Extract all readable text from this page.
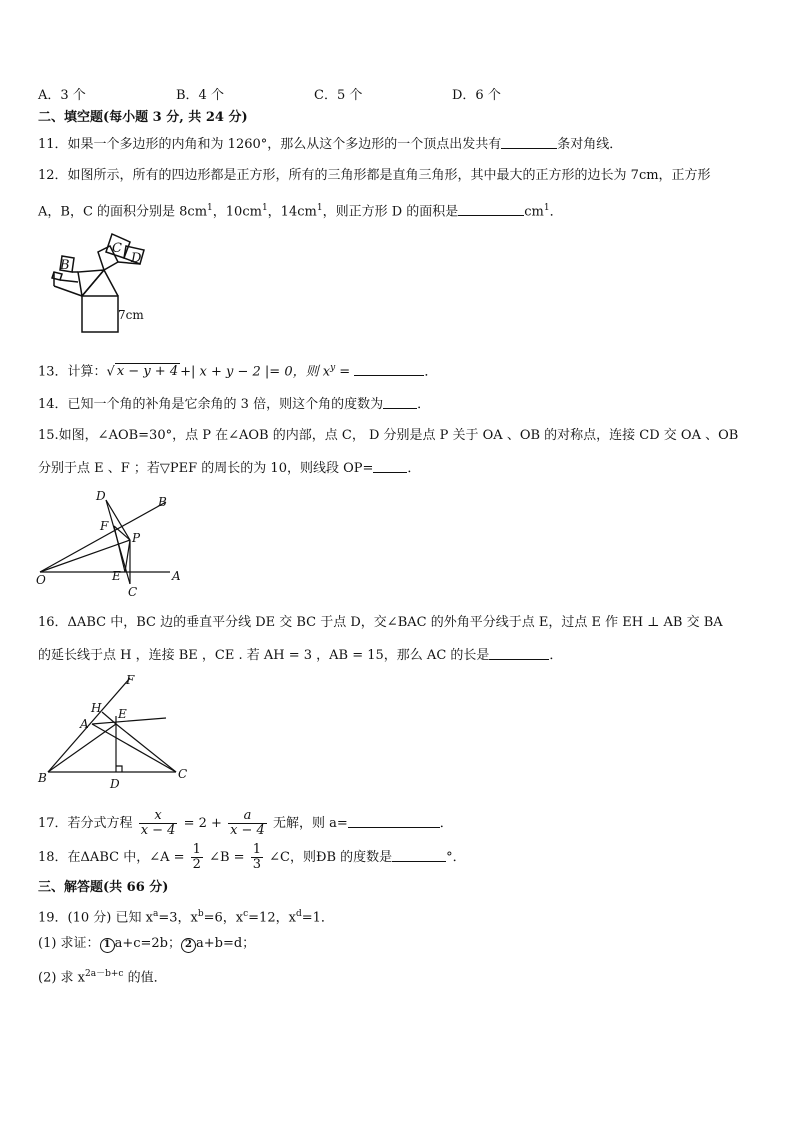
A．3 个	B．4 个	C．5 个	D．6 个
二、填空题(每小题 3 分, 共 24 分)
11．如果一个多边形的内角和为 1260°，那么从这个多边形的一个顶点出发共有	条对角线．
12．如图所示，所有的四边形都是正方形，所有的三角形都是直角三角形，其中最大的正方形的边长为 7cm，正方形
A，B，C 的面积分别是 $8cm^1$，$10cm^1$，$14cm^1$，则正方形 D 的面积是	$cm^1$．
B
C
D
7cm
13．计算：√ x − y + 4 +| x + y − 2 |= 0，则 $x^y$ =	．
14．已知一个角的补角是它余角的 3 倍，则这个角的度数为	．
15.如图，∠AOB=30°，点 P 在∠AOB 的内部，点 C， D 分别是点 P 关于 OA 、OB 的对称点，连接 CD 交 OA 、OB
分别于点 E 、F ；若▽PEF 的周长的为 10，则线段 OP=	．
O	A
B
D
F
P
E
C
16．ΔABC 中，BC 边的垂直平分线 DE 交 BC 于点 D，交∠BAC 的外角平分线于点 E，过点 E 作 EH ⊥ AB 交 BA
的延长线于点 H ，连接 BE ，CE . 若 AH = 3 ，AB = 15，那么 AC 的长是	．
H
A
E
F
B	C
D
17．若分式方程 $\frac{x}{x - 4} = 2 + \frac{a}{x - 4}$ 无解，则 a=	．
18．在ΔABC 中，∠A = $\frac{1}{2}$ ∠B = $\frac{1}{3}$ ∠C，则ÐB 的度数是	°．
三、解答题(共 66 分)
19．(10 分) 已知 $x^a=3$，$x^b=6$，$x^c=12$，$x^d=1$．
(1) 求证： 1 a+c=2b； 2 a+b=d；
(2) 求 $x^{2a-b+c}$ 的值．
